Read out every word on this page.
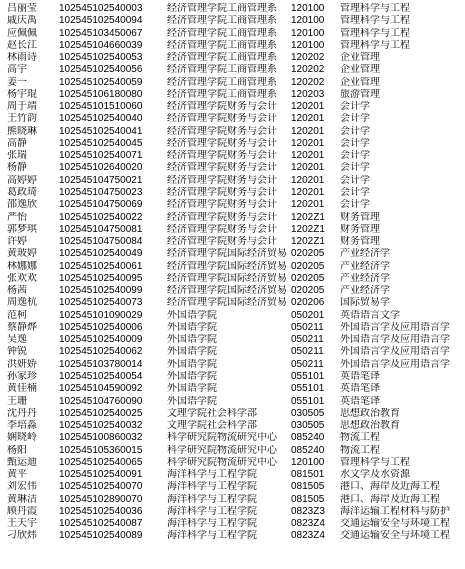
吕丽莹	102545102540003	经济管理学院工商管理系	120100	管理科学与工程
戚庆禹	102545102540094	经济管理学院工商管理系	120100	管理科学与工程
应佩佩	102545103450067	经济管理学院工商管理系	120100	管理科学与工程
赵长江	102545104660039	经济管理学院工商管理系	120100	管理科学与工程
林雨诗	102545102540053	经济管理学院工商管理系	120202	企业管理
高宇	102545102540056	经济管理学院工商管理系	120202	企业管理
姜一	102545102540059	经济管理学院工商管理系	120202	企业管理
杨宇琨	102545106180080	经济管理学院工商管理系	120203	旅游管理
周于靖	102545101510060	经济管理学院财务与会计	120201	会计学
王竹韵	102545102540040	经济管理学院财务与会计	120201	会计学
熊晓琳	102545102540041	经济管理学院财务与会计	120201	会计学
高静	102545102540045	经济管理学院财务与会计	120201	会计学
张瑞	102545102540071	经济管理学院财务与会计	120201	会计学
杨静	102545102640020	经济管理学院财务与会计	120201	会计学
高婷婷	102545104750021	经济管理学院财务与会计	120201	会计学
葛政琦	102545104750023	经济管理学院财务与会计	120201	会计学
邵逸欣	102545104750069	经济管理学院财务与会计	120201	会计学
严怡	102545102540022	经济管理学院财务与会计	1202Z1	财务管理
郭梦琪	102545104750081	经济管理学院财务与会计	1202Z1	财务管理
许婷	102545104750084	经济管理学院财务与会计	1202Z1	财务管理
黄玻婷	102545102540049	经济管理学院国际经济贸易 020205	产业经济学
林娜娜	102545102540061	经济管理学院国际经济贸易 020205	产业经济学
张欢欢	102545102540095	经济管理学院国际经济贸易 020205	产业经济学
杨茜	102545102540099	经济管理学院国际经济贸易 020205	产业经济学
周逸杭	102545102540073	经济管理学院国际经济贸易 020206	国际贸易学
范柯	102545101090029	外国语学院	050201	英语语言文学
蔡静烨	102545102540006	外国语学院	050211	外国语言学及应用语言学
吴逸	102545102540009	外国语学院	050211	外国语言学及应用语言学
钟锐	102545102540062	外国语学院	050211	外国语言学及应用语言学
洪妍娇	102545103780014	外国语学院	050211	外国语言学及应用语言学
孙家珍	102545102540054	外国语学院	055101	英语笔译
黄佳楠	102545104590092	外国语学院	055101	英语笔译
王珊	102545104760090	外国语学院	055101	英语笔译
沈丹丹	102545102540025	文理学院社会科学部	030505	思想政治教育
李培淼	102545102540032	文理学院社会科学部	030505	思想政治教育
娴晓岭	102545100860032	科学研究院物流研究中心	085240	物流工程
杨阳	102545105360015	科学研究院物流研究中心	085240	物流工程
甄运迪	102545102540065	科学研究院物流研究中心	120100	管理科学与工程
黄平	102545102540091	海洋科学与工程学院	081501	水文学及水资源
刘宏伟	102545102540070	海洋科学与工程学院	081505	港口、海岸及近海工程
黄琳洁	102545102890070	海洋科学与工程学院	081505	港口、海岸及近海工程
顾丹霞	102545102540036	海洋科学与工程学院	0823Z3	海洋运输工程材料与防护
王天宇	102545102540087	海洋科学与工程学院	0823Z4	交通运输安全与环境工程
刁欣炜	102545102540089	海洋科学与工程学院	0823Z4	交通运输安全与环境工程
